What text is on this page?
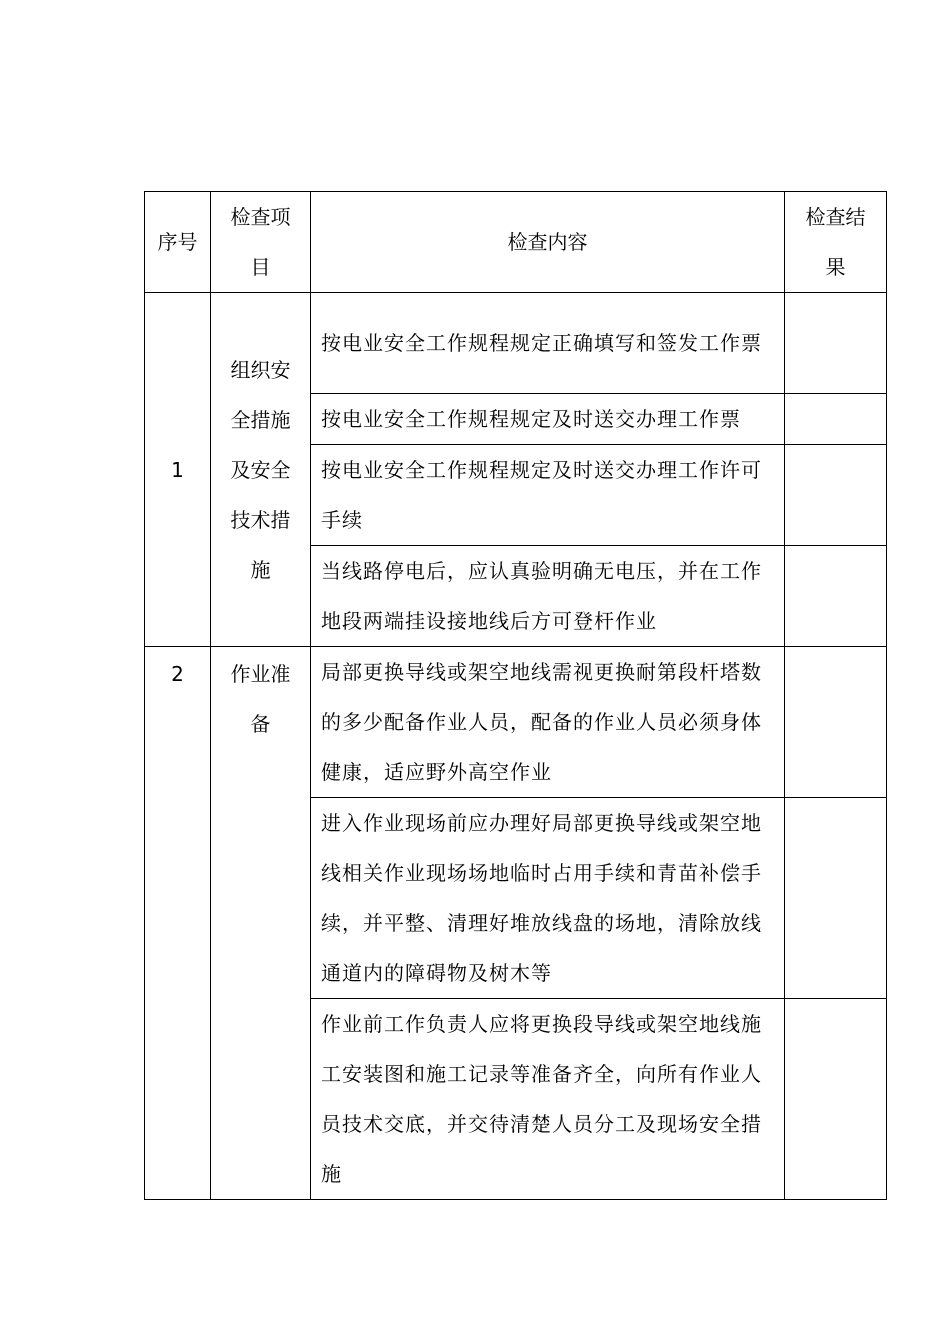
序号	检查项目	检查内容	检查结果
1	组织安全措施及安全技术措施	按电业安全工作规程规定正确填写和签发工作票	
		按电业安全工作规程规定及时送交办理工作票	
		按电业安全工作规程规定及时送交办理工作许可手续	
		当线路停电后，应认真验明确无电压，并在工作地段两端挂设接地线后方可登杆作业	
2	作业准备	局部更换导线或架空地线需视更换耐第段杆塔数的多少配备作业人员，配备的作业人员必须身体健康，适应野外高空作业	
		进入作业现场前应办理好局部更换导线或架空地线相关作业现场场地临时占用手续和青苗补偿手续，并平整、清理好堆放线盘的场地，清除放线通道内的障碍物及树木等	
		作业前工作负责人应将更换段导线或架空地线施工安装图和施工记录等准备齐全，向所有作业人员技术交底，并交待清楚人员分工及现场安全措施	
